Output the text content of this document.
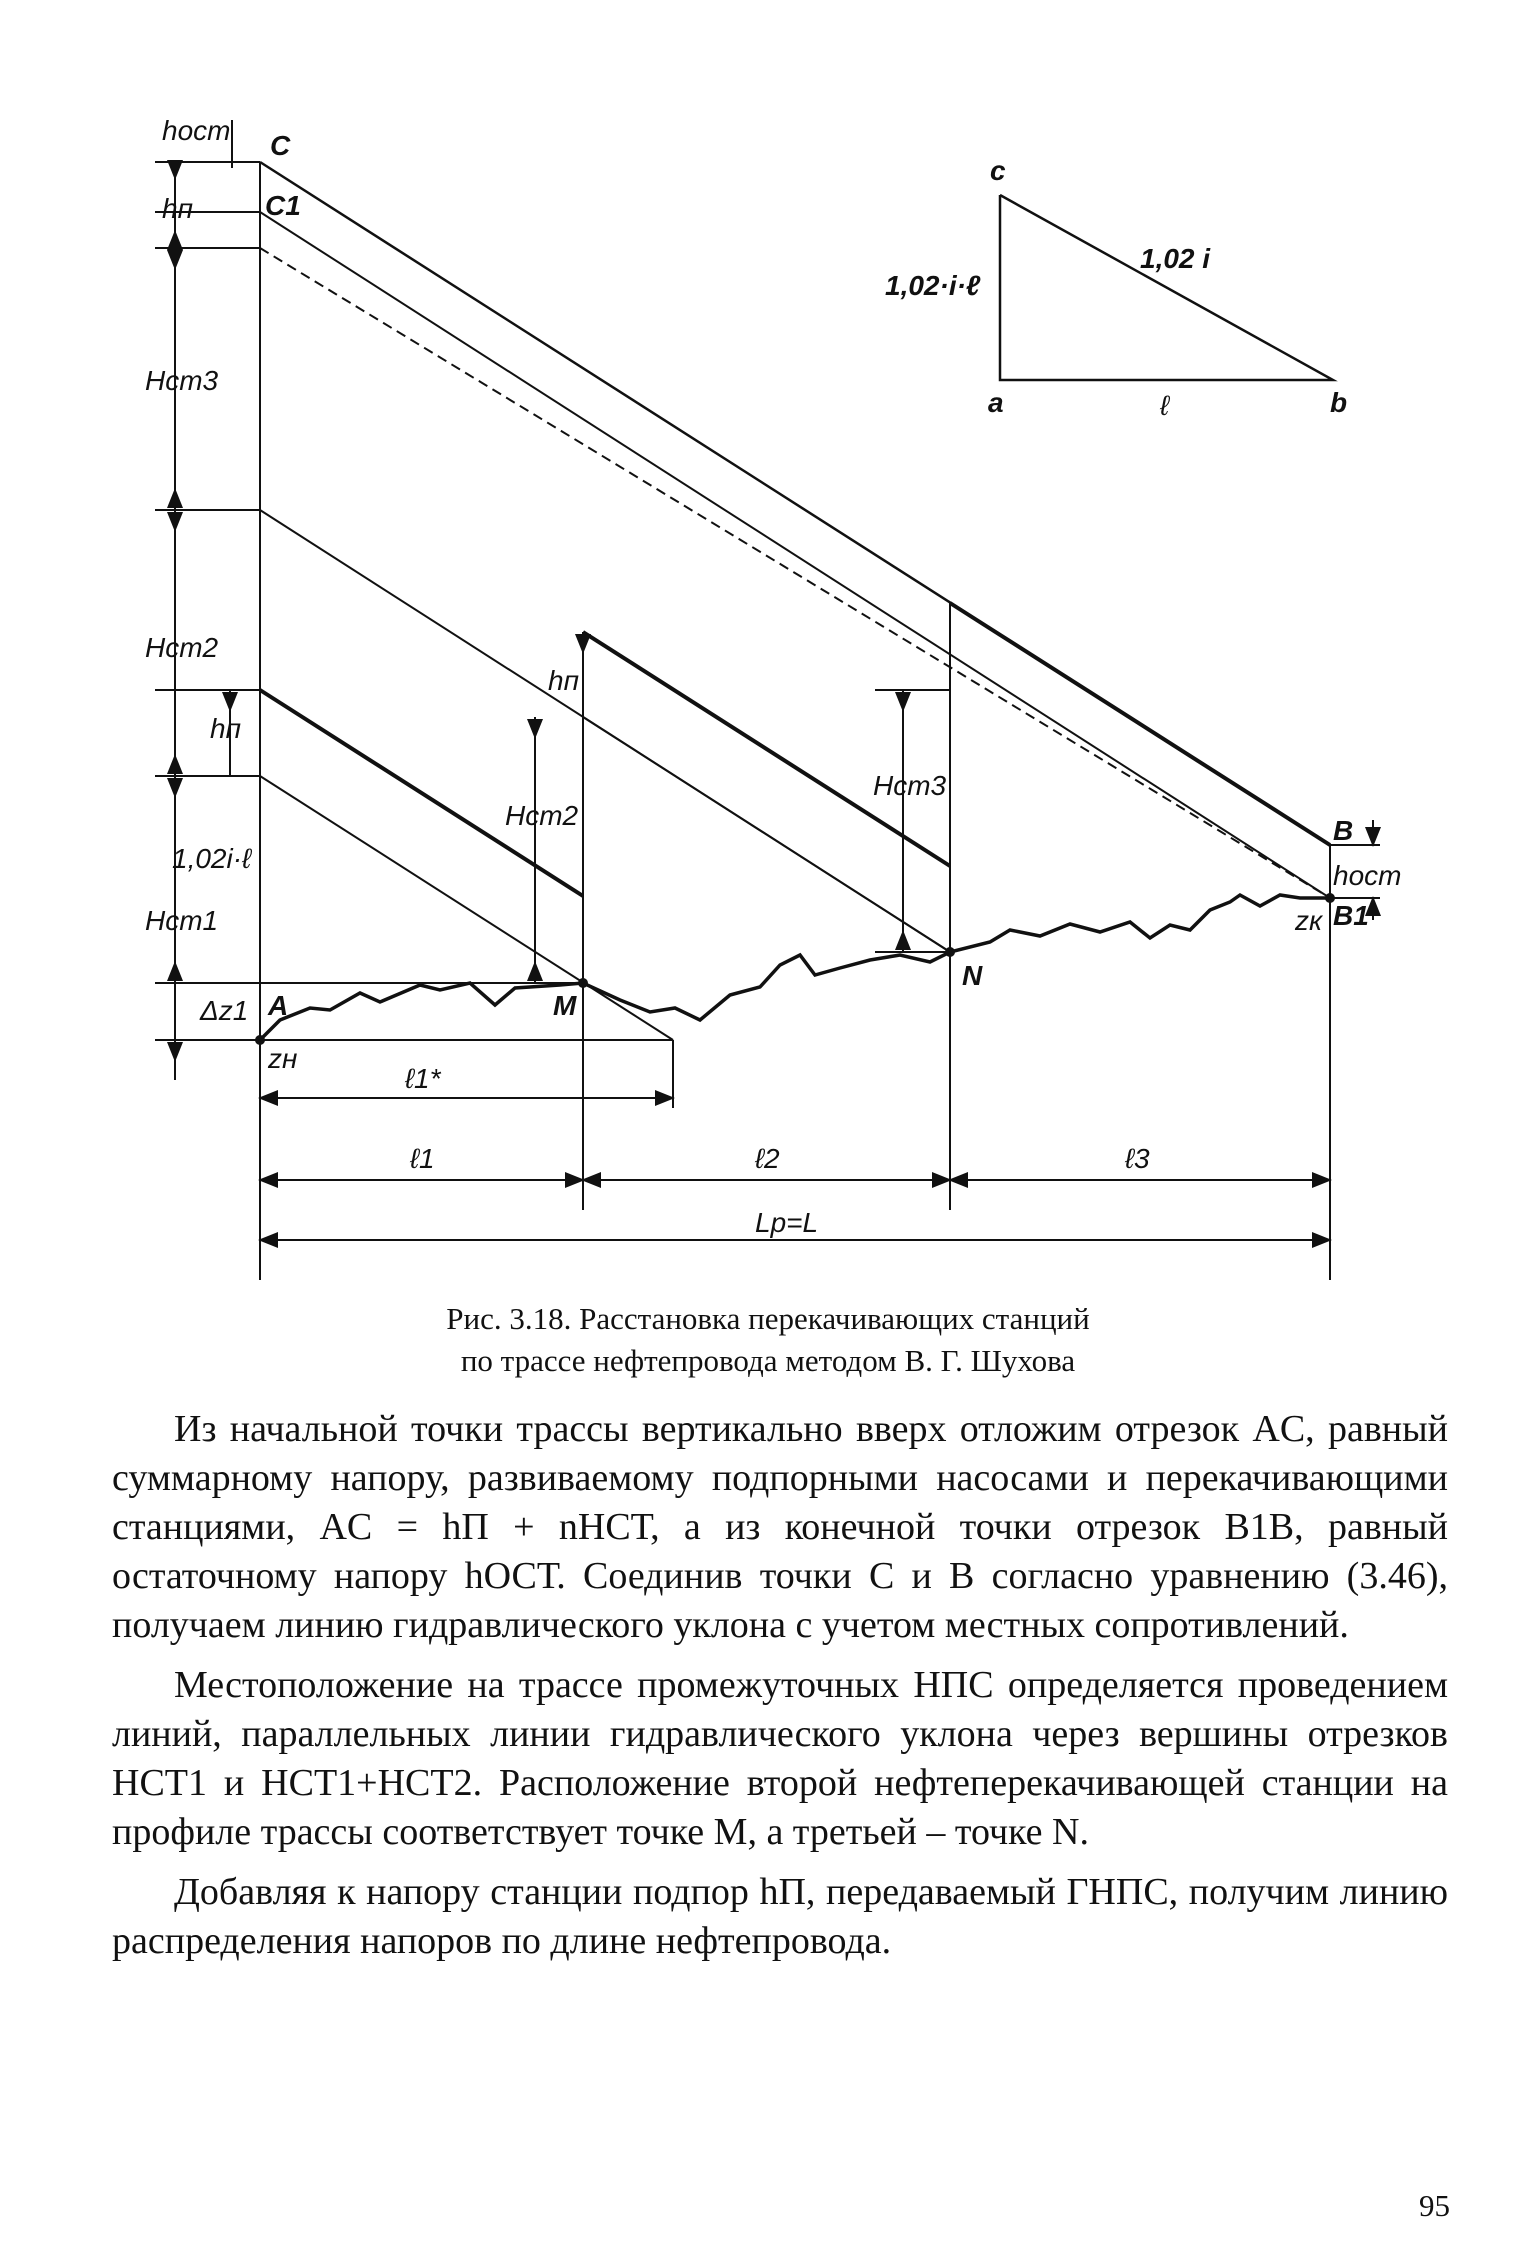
hост
hп
Hст3
Hст2
hп
1,02i·ℓ
Hст1
Δz1
zн
ℓ1*
ℓ1	ℓ2	ℓ3
Lр=L
C
C1
A	M
N
B
B1
zк
hост
hп
Hст2
Hст3
c
a	b
1,02·i·ℓ
1,02 i
ℓ
Рис. 3.18. Расстановка перекачивающих станций
по трассе нефтепровода методом В. Г. Шухова

Из начальной точки трассы вертикально вверх отложим отрезок AC, равный суммарному напору, развиваемому подпорными насосами и перекачивающими станциями, AC = hП + nHСТ, а из конечной точки отрезок B1B, равный остаточному напору hОСТ. Соединив точки C и B согласно уравнению (3.46), получаем линию гидравлического уклона с учетом местных сопротивлений.

Местоположение на трассе промежуточных НПС определяется проведением линий, параллельных линии гидравлического уклона через вершины отрезков HСТ1 и HСТ1+HСТ2. Расположение второй нефтеперекачивающей станции на профиле трассы соответствует точке M, а третьей – точке N.

Добавляя к напору станции подпор hП, передаваемый ГНПС, получим линию распределения напоров по длине нефтепровода.

95
